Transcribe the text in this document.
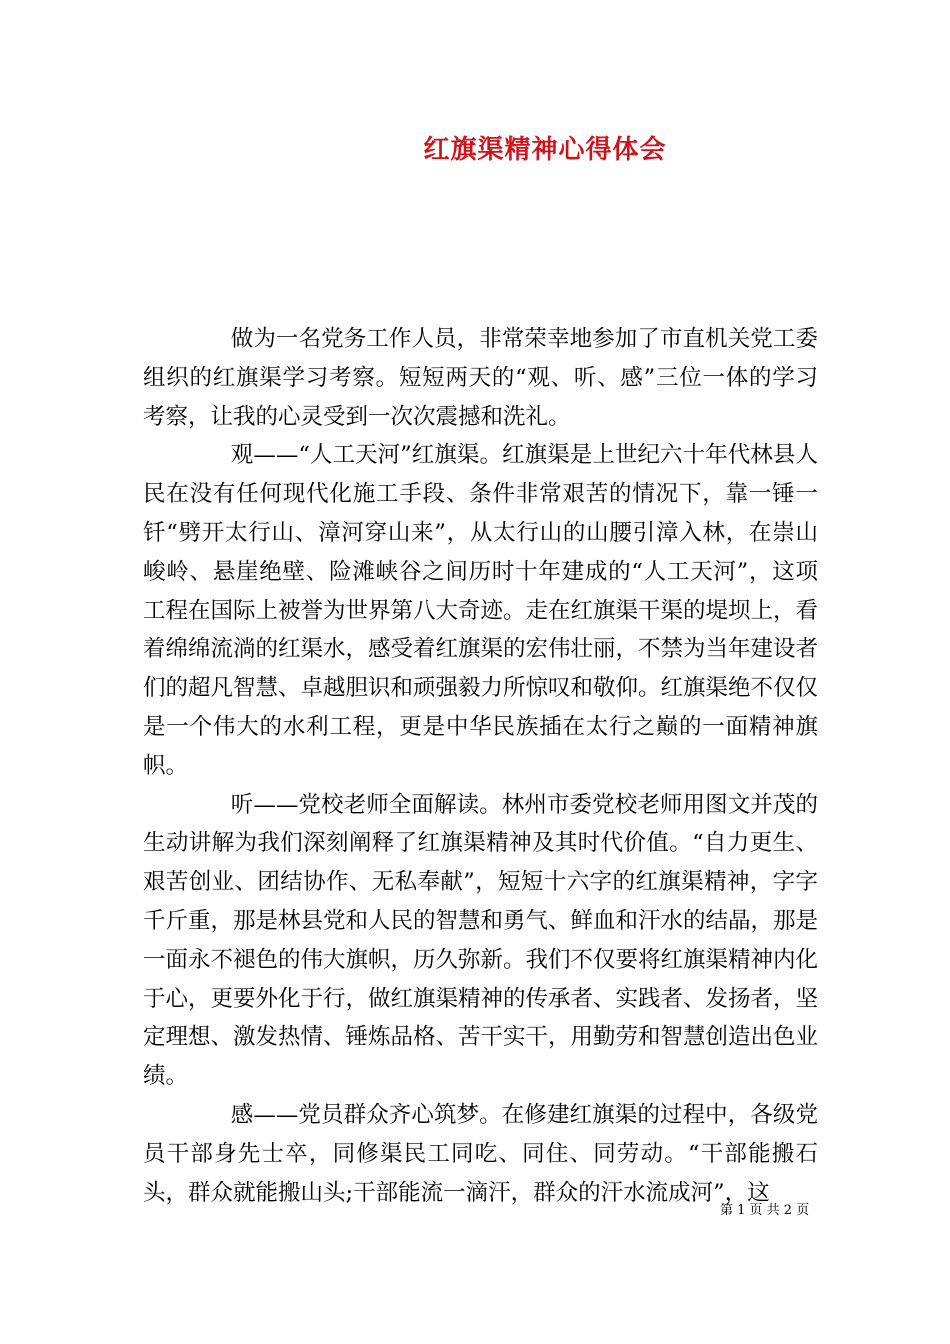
红旗渠精神心得体会

做为一名党务工作人员，非常荣幸地参加了市直机关党工委组织的红旗渠学习考察。短短两天的“观、听、感”三位一体的学习考察，让我的心灵受到一次次震撼和洗礼。

观——“人工天河”红旗渠。红旗渠是上世纪六十年代林县人民在没有任何现代化施工手段、条件非常艰苦的情况下，靠一锤一钎“劈开太行山、漳河穿山来”，从太行山的山腰引漳入林，在崇山峻岭、悬崖绝壁、险滩峡谷之间历时十年建成的“人工天河”，这项工程在国际上被誉为世界第八大奇迹。走在红旗渠干渠的堤坝上，看着绵绵流淌的红渠水，感受着红旗渠的宏伟壮丽，不禁为当年建设者们的超凡智慧、卓越胆识和顽强毅力所惊叹和敬仰。红旗渠绝不仅仅是一个伟大的水利工程，更是中华民族插在太行之巅的一面精神旗帜。

听——党校老师全面解读。林州市委党校老师用图文并茂的生动讲解为我们深刻阐释了红旗渠精神及其时代价值。“自力更生、艰苦创业、团结协作、无私奉献”，短短十六字的红旗渠精神，字字千斤重，那是林县党和人民的智慧和勇气、鲜血和汗水的结晶，那是一面永不褪色的伟大旗帜，历久弥新。我们不仅要将红旗渠精神内化于心，更要外化于行，做红旗渠精神的传承者、实践者、发扬者，坚定理想、激发热情、锤炼品格、苦干实干，用勤劳和智慧创造出色业绩。

感——党员群众齐心筑梦。在修建红旗渠的过程中，各级党员干部身先士卒，同修渠民工同吃、同住、同劳动。“干部能搬石头，群众就能搬山头;干部能流一滴汗，群众的汗水流成河”，这

第 1 页 共 2 页
